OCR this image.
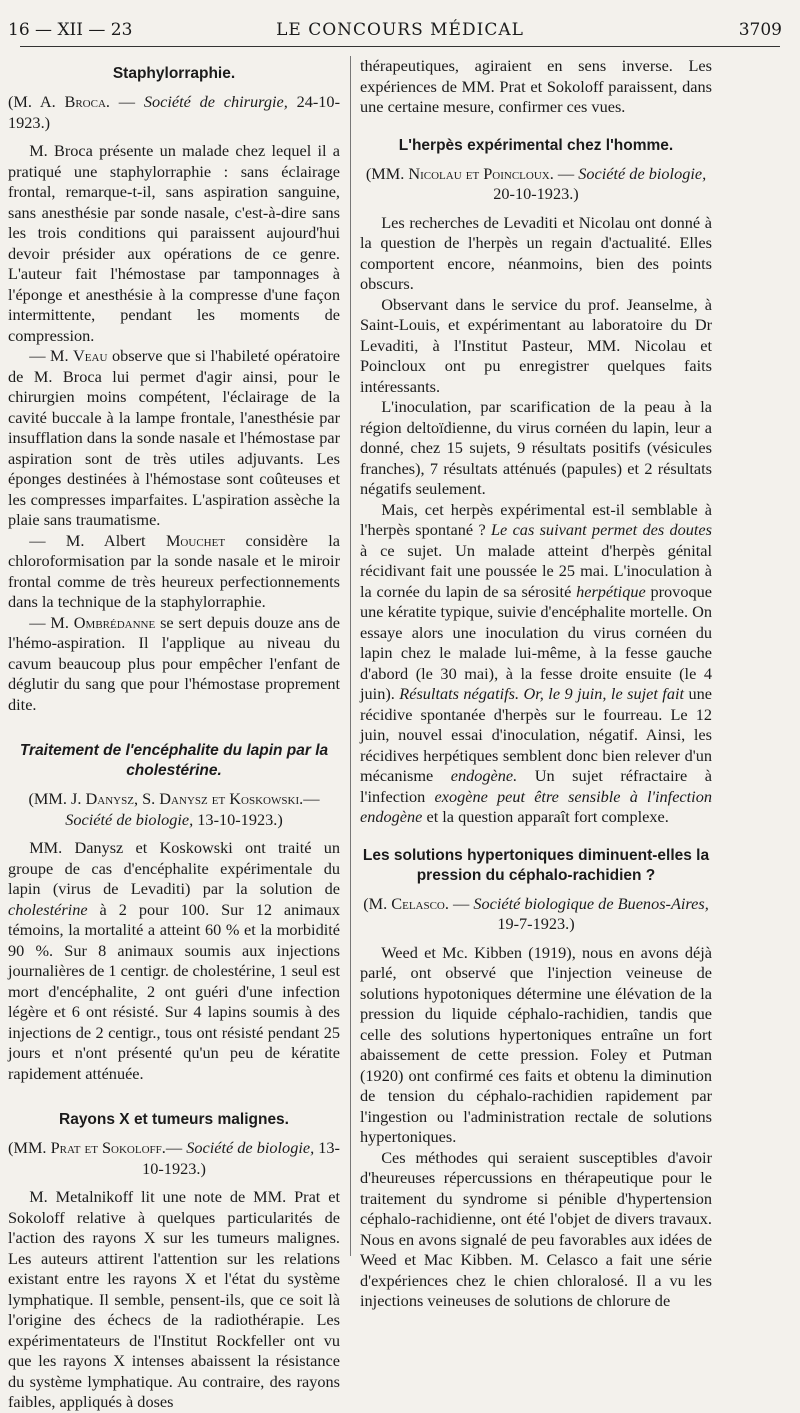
16 — XII — 23	LE CONCOURS MÉDICAL	3709
Staphylorraphie.

(M. A. Broca. — Société de chirurgie, 24-10-1923.)

M. Broca présente un malade chez lequel il a pratiqué une staphylorraphie : sans éclairage frontal, remarque-t-il, sans aspiration sanguine, sans anesthésie par sonde nasale, c'est-à-dire sans les trois conditions qui paraissent aujourd'hui devoir présider aux opérations de ce genre. L'auteur fait l'hémostase par tamponnages à l'éponge et anesthésie à la compresse d'une façon intermittente, pendant les moments de compression.

— M. Veau observe que si l'habileté opératoire de M. Broca lui permet d'agir ainsi, pour le chirurgien moins compétent, l'éclairage de la cavité buccale à la lampe frontale, l'anesthésie par insufflation dans la sonde nasale et l'hémostase par aspiration sont de très utiles adjuvants. Les éponges destinées à l'hémostase sont coûteuses et les compresses imparfaites. L'aspiration assèche la plaie sans traumatisme.

— M. Albert Mouchet considère la chloroformisation par la sonde nasale et le miroir frontal comme de très heureux perfectionnements dans la technique de la staphylorraphie.

— M. Ombrédanne se sert depuis douze ans de l'hémo-aspiration. Il l'applique au niveau du cavum beaucoup plus pour empêcher l'enfant de déglutir du sang que pour l'hémostase proprement dite.

Traitement de l'encéphalite du lapin par la cholestérine.

(MM. J. Danysz, S. Danysz et Koskowski.—Société de biologie, 13-10-1923.)

MM. Danysz et Koskowski ont traité un groupe de cas d'encéphalite expérimentale du lapin (virus de Levaditi) par la solution de cholestérine à 2 pour 100. Sur 12 animaux témoins, la mortalité a atteint 60 % et la morbidité 90 %. Sur 8 animaux soumis aux injections journalières de 1 centigr. de cholestérine, 1 seul est mort d'encéphalite, 2 ont guéri d'une infection légère et 6 ont résisté. Sur 4 lapins soumis à des injections de 2 centigr., tous ont résisté pendant 25 jours et n'ont présenté qu'un peu de kératite rapidement atténuée.

Rayons X et tumeurs malignes.

(MM. Prat et Sokoloff.— Société de biologie, 13-10-1923.)

M. Metalnikoff lit une note de MM. Prat et Sokoloff relative à quelques particularités de l'action des rayons X sur les tumeurs malignes. Les auteurs attirent l'attention sur les relations existant entre les rayons X et l'état du système lymphatique. Il semble, pensent-ils, que ce soit là l'origine des échecs de la radiothérapie. Les expérimentateurs de l'Institut Rockfeller ont vu que les rayons X intenses abaissent la résistance du système lymphatique. Au contraire, des rayons faibles, appliqués à doses

thérapeutiques, agiraient en sens inverse. Les expériences de MM. Prat et Sokoloff paraissent, dans une certaine mesure, confirmer ces vues.

L'herpès expérimental chez l'homme.

(MM. Nicolau et Poincloux. — Société de biologie, 20-10-1923.)

Les recherches de Levaditi et Nicolau ont donné à la question de l'herpès un regain d'actualité. Elles comportent encore, néanmoins, bien des points obscurs.

Observant dans le service du prof. Jeanselme, à Saint-Louis, et expérimentant au laboratoire du Dr Levaditi, à l'Institut Pasteur, MM. Nicolau et Poincloux ont pu enregistrer quelques faits intéressants.

L'inoculation, par scarification de la peau à la région deltoïdienne, du virus cornéen du lapin, leur a donné, chez 15 sujets, 9 résultats positifs (vésicules franches), 7 résultats atténués (papules) et 2 résultats négatifs seulement.

Mais, cet herpès expérimental est-il semblable à l'herpès spontané ? Le cas suivant permet des doutes à ce sujet. Un malade atteint d'herpès génital récidivant fait une poussée le 25 mai. L'inoculation à la cornée du lapin de sa sérosité herpétique provoque une kératite typique, suivie d'encéphalite mortelle. On essaye alors une inoculation du virus cornéen du lapin chez le malade lui-même, à la fesse gauche d'abord (le 30 mai), à la fesse droite ensuite (le 4 juin). Résultats négatifs. Or, le 9 juin, le sujet fait une récidive spontanée d'herpès sur le fourreau. Le 12 juin, nouvel essai d'inoculation, négatif. Ainsi, les récidives herpétiques semblent donc bien relever d'un mécanisme endogène. Un sujet réfractaire à l'infection exogène peut être sensible à l'infection endogène et la question apparaît fort complexe.

Les solutions hypertoniques diminuent-elles la pression du céphalo-rachidien ?

(M. Celasco. — Société biologique de Buenos-Aires, 19-7-1923.)

Weed et Mc. Kibben (1919), nous en avons déjà parlé, ont observé que l'injection veineuse de solutions hypotoniques détermine une élévation de la pression du liquide céphalo-rachidien, tandis que celle des solutions hypertoniques entraîne un fort abaissement de cette pression. Foley et Putman (1920) ont confirmé ces faits et obtenu la diminution de tension du céphalo-rachidien rapidement par l'ingestion ou l'administration rectale de solutions hypertoniques.

Ces méthodes qui seraient susceptibles d'avoir d'heureuses répercussions en thérapeutique pour le traitement du syndrome si pénible d'hypertension céphalo-rachidienne, ont été l'objet de divers travaux. Nous en avons signalé de peu favorables aux idées de Weed et Mac Kibben. M. Celasco a fait une série d'expériences chez le chien chloralosé. Il a vu les injections veineuses de solutions de chlorure de
